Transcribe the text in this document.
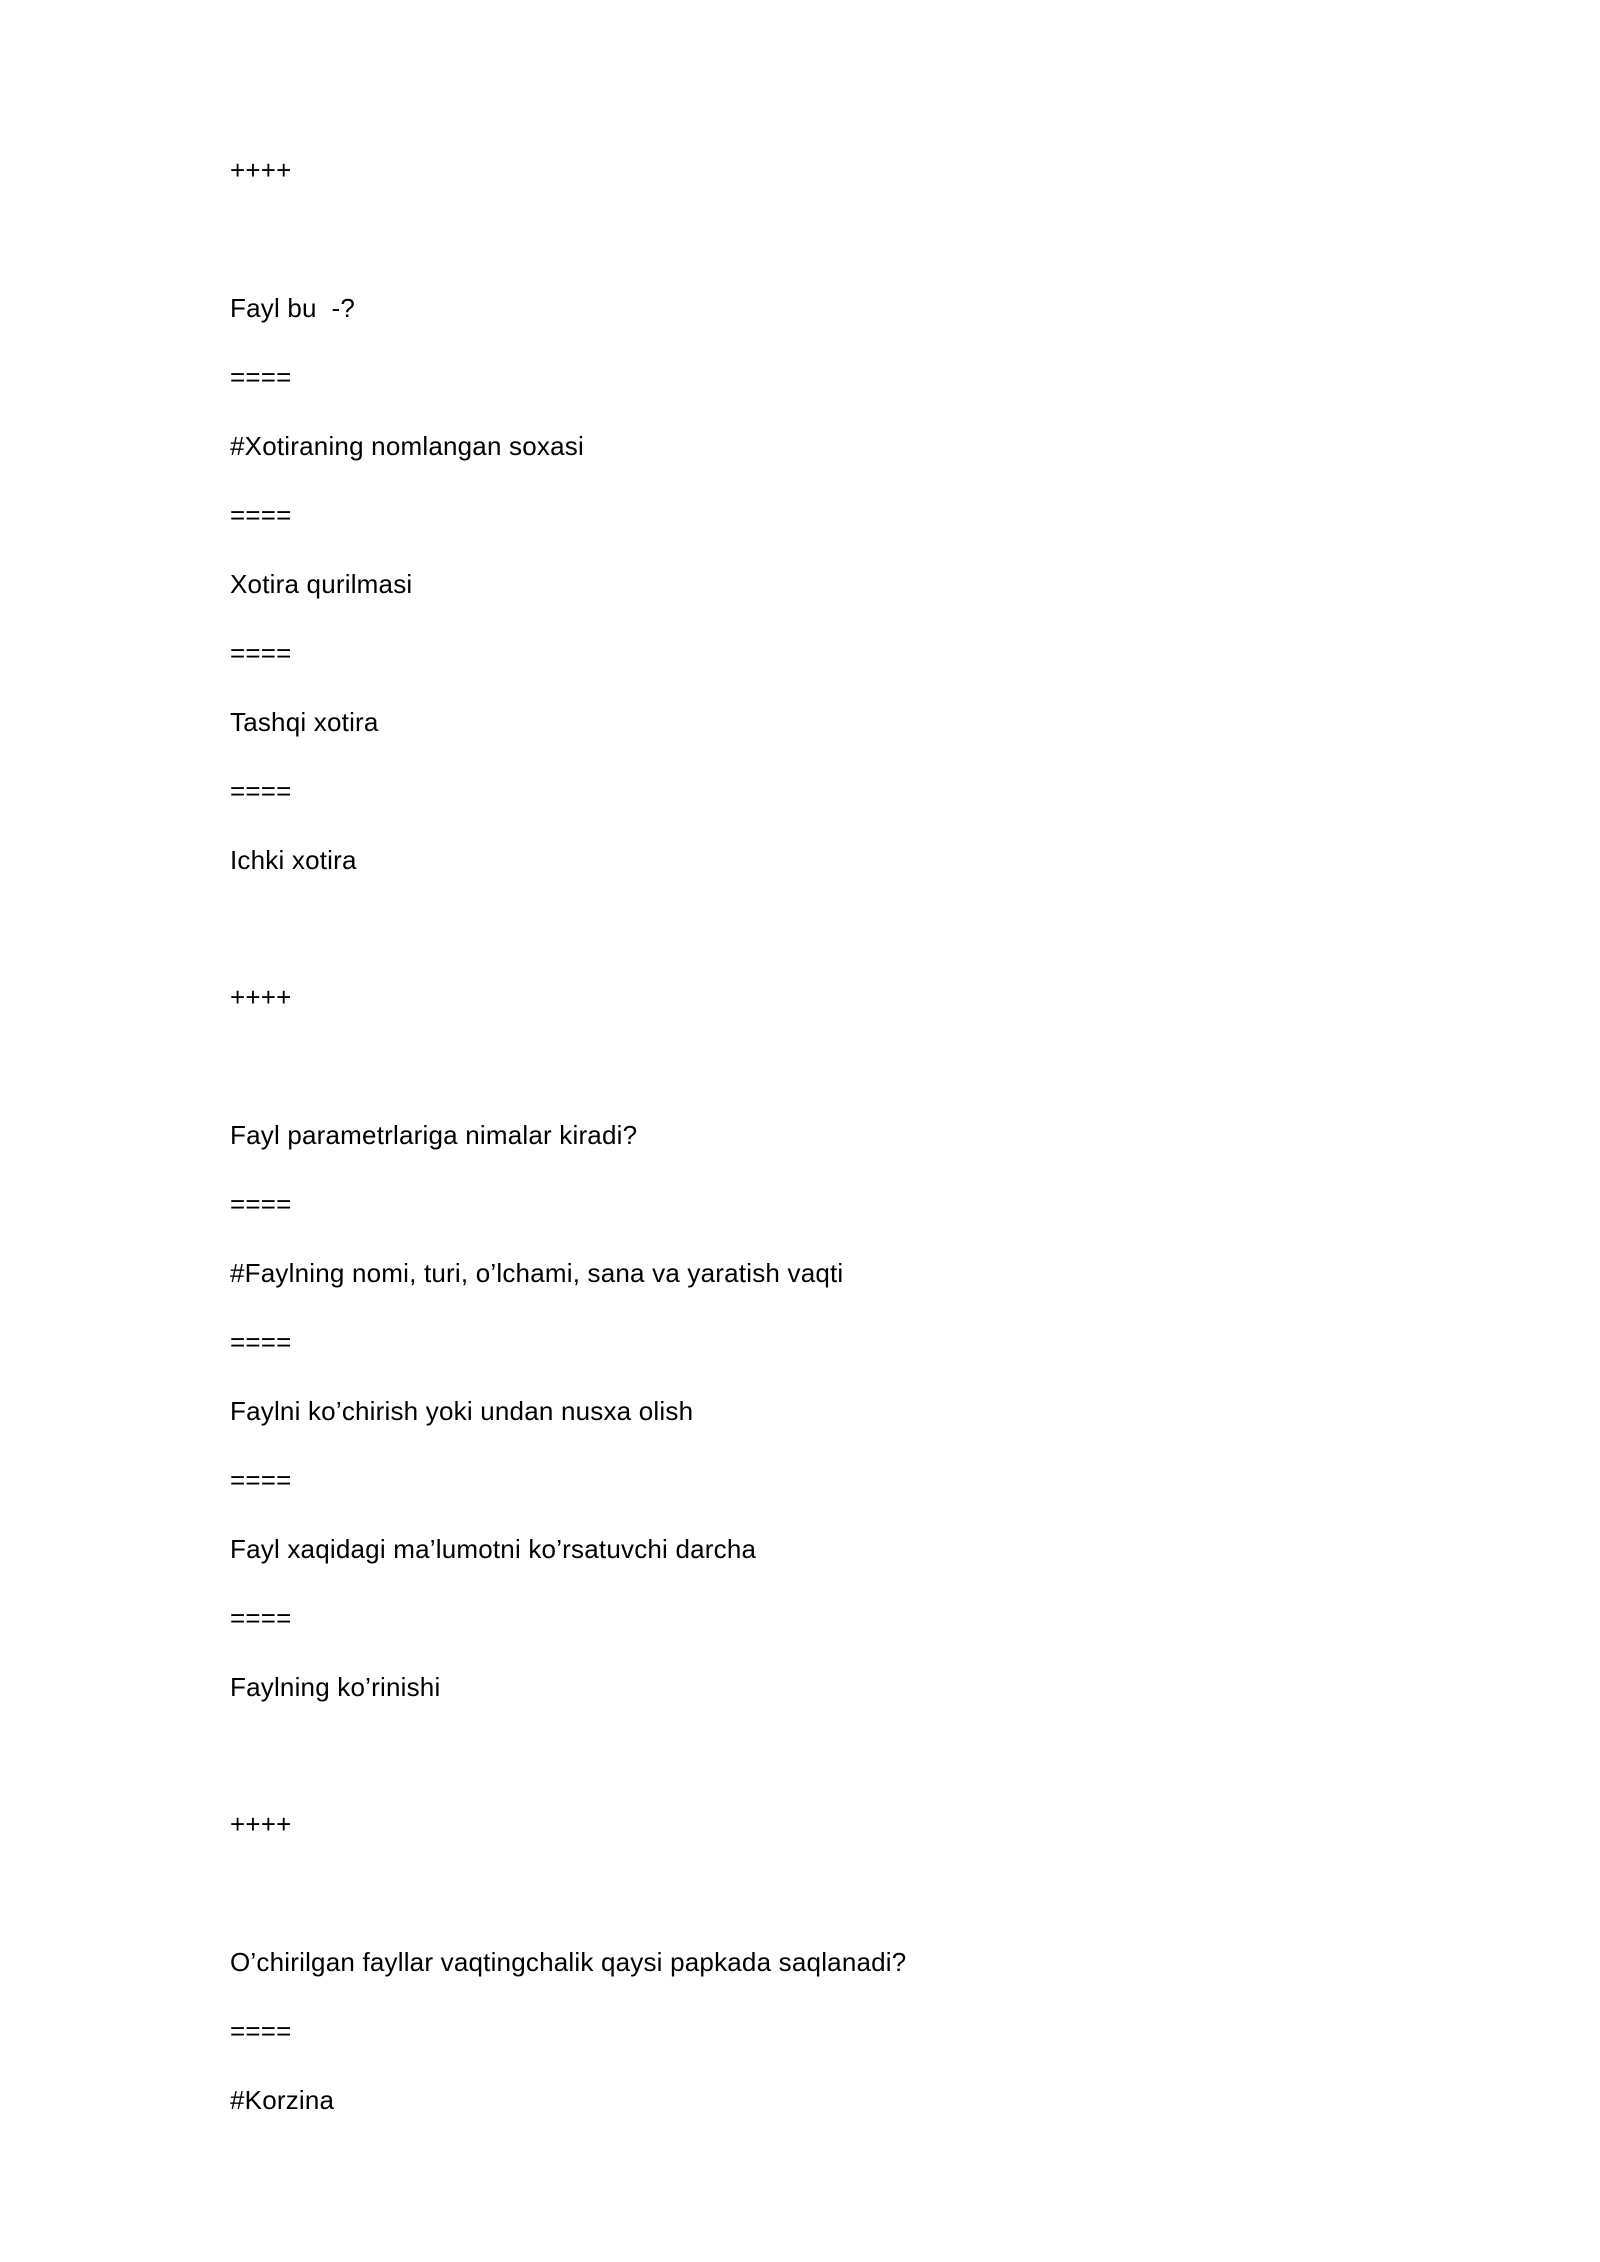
++++
Fayl bu  -?
====
#Xotiraning nomlangan soxasi
====
Xotira qurilmasi
====
Tashqi xotira
====
Ichki xotira
++++
Fayl parametrlariga nimalar kiradi?
====
#Faylning nomi, turi, o’lchami, sana va yaratish vaqti
====
Faylni ko’chirish yoki undan nusxa olish
====
Fayl xaqidagi ma’lumotni ko’rsatuvchi darcha
====
Faylning ko’rinishi
++++
O’chirilgan fayllar vaqtingchalik qaysi papkada saqlanadi?
====
#Korzina
